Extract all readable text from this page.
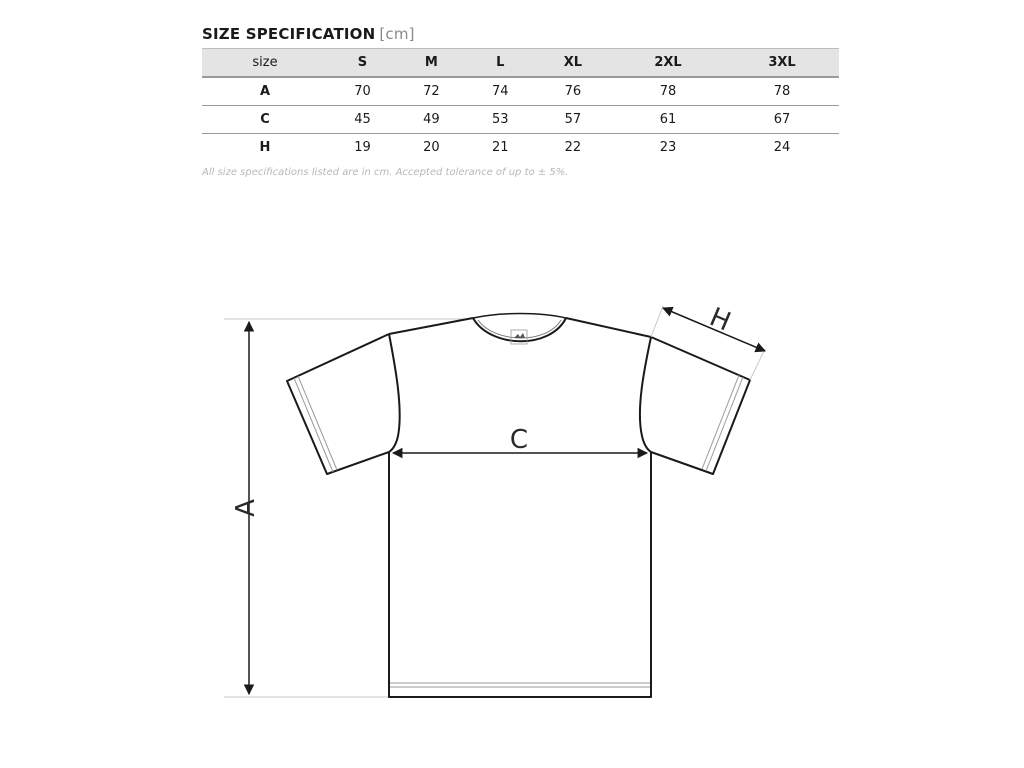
SIZE SPECIFICATION [cm]
size	S	M	L	XL	2XL	3XL
A	70	72	74	76	78	78
C	45	49	53	57	61	67
H	19	20	21	22	23	24
All size specifications listed are in cm. Accepted tolerance of up to ± 5%.
A
C
H
